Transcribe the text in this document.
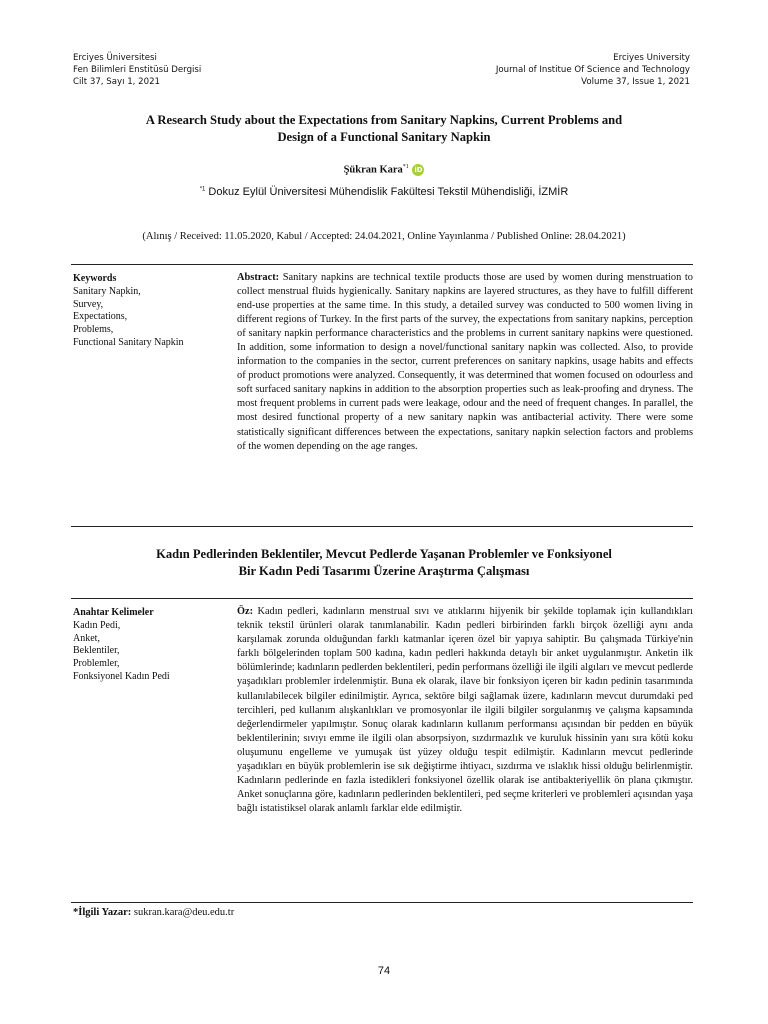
Erciyes Üniversitesi
Fen Bilimleri Enstitüsü Dergisi
Cilt 37, Sayı 1, 2021
Erciyes University
Journal of Institue Of Science and Technology
Volume 37, Issue 1, 2021
A Research Study about the Expectations from Sanitary Napkins, Current Problems and
Design of a Functional Sanitary Napkin
Şükran Kara$^{*1}$ iD
$^{*1}$ Dokuz Eylül Üniversitesi Mühendislik Fakültesi Tekstil Mühendisliği, İZMİR
(Alınış / Received: 11.05.2020, Kabul / Accepted: 24.04.2021, Online Yayınlanma / Published Online: 28.04.2021)
Keywords
Sanitary Napkin,
Survey,
Expectations,
Problems,
Functional Sanitary Napkin
Abstract: Sanitary napkins are technical textile products those are used by women during menstruation to collect menstrual fluids hygienically. Sanitary napkins are layered structures, as they have to fulfill different end-use properties at the same time. In this study, a detailed survey was conducted to 500 women living in different regions of Turkey. In the first parts of the survey, the expectations from sanitary napkins, perception of sanitary napkin performance characteristics and the problems in current sanitary napkins were questioned. In addition, some information to design a novel/functional sanitary napkin was collected. Also, to provide information to the companies in the sector, current preferences on sanitary napkins, usage habits and effects of product promotions were analyzed. Consequently, it was determined that women focused on odourless and soft surfaced sanitary napkins in addition to the absorption properties such as leak-proofing and dryness. The most frequent problems in current pads were leakage, odour and the need of frequent changes. In parallel, the most desired functional property of a new sanitary napkin was antibacterial activity. There were some statistically significant differences between the expectations, sanitary napkin selection factors and problems of the women depending on the age ranges.
Kadın Pedlerinden Beklentiler, Mevcut Pedlerde Yaşanan Problemler ve Fonksiyonel
Bir Kadın Pedi Tasarımı Üzerine Araştırma Çalışması
Anahtar Kelimeler
Kadın Pedi,
Anket,
Beklentiler,
Problemler,
Fonksiyonel Kadın Pedi
Öz: Kadın pedleri, kadınların menstrual sıvı ve atıklarını hijyenik bir şekilde toplamak için kullandıkları teknik tekstil ürünleri olarak tanımlanabilir. Kadın pedleri birbirinden farklı birçok özelliği aynı anda karşılamak zorunda olduğundan farklı katmanlar içeren özel bir yapıya sahiptir. Bu çalışmada Türkiye'nin farklı bölgelerinden toplam 500 kadına, kadın pedleri hakkında detaylı bir anket uygulanmıştır. Anketin ilk bölümlerinde; kadınların pedlerden beklentileri, pedin performans özelliği ile ilgili algıları ve mevcut pedlerde yaşadıkları problemler irdelenmiştir. Buna ek olarak, ilave bir fonksiyon içeren bir kadın pedinin tasarımında kullanılabilecek bilgiler edinilmiştir. Ayrıca, sektöre bilgi sağlamak üzere, kadınların mevcut durumdaki ped tercihleri, ped kullanım alışkanlıkları ve promosyonlar ile ilgili bilgiler sorgulanmış ve çalışma kapsamında değerlendirmeler yapılmıştır. Sonuç olarak kadınların kullanım performansı açısından bir pedden en büyük beklentilerinin; sıvıyı emme ile ilgili olan absorpsiyon, sızdırmazlık ve kuruluk hissinin yanı sıra kötü koku oluşumunu engelleme ve yumuşak üst yüzey olduğu tespit edilmiştir. Kadınların mevcut pedlerinde yaşadıkları en büyük problemlerin ise sık değiştirme ihtiyacı, sızdırma ve ıslaklık hissi olduğu belirlenmiştir. Kadınların pedlerinde en fazla istedikleri fonksiyonel özellik olarak ise antibakteriyellik ön plana çıkmıştır. Anket sonuçlarına göre, kadınların pedlerinden beklentileri, ped seçme kriterleri ve problemleri açısından yaşa bağlı istatistiksel olarak anlamlı farklar elde edilmiştir.
*İlgili Yazar: sukran.kara@deu.edu.tr
74
